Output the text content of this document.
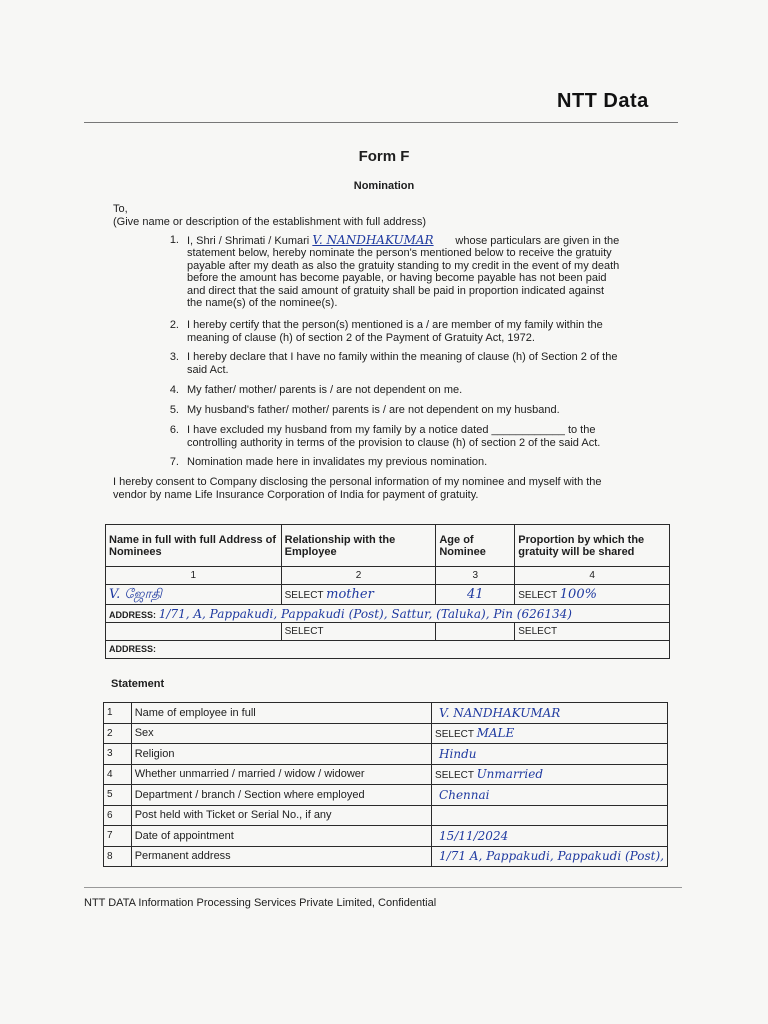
NTT Data
Form F
Nomination
To,
(Give name or description of the establishment with full address)
1. I, Shri / Shrimati / Kumari V. NANDHAKUMAR whose particulars are given in the
statement below, hereby nominate the person's mentioned below to receive the gratuity
payable after my death as also the gratuity standing to my credit in the event of my death
before the amount has become payable, or having become payable has not been paid
and direct that the said amount of gratuity shall be paid in proportion indicated against
the name(s) of the nominee(s).
2. I hereby certify that the person(s) mentioned is a / are member of my family within the
meaning of clause (h) of section 2 of the Payment of Gratuity Act, 1972.
3. I hereby declare that I have no family within the meaning of clause (h) of Section 2 of the
said Act.
4. My father/ mother/ parents is / are not dependent on me.
5. My husband's father/ mother/ parents is / are not dependent on my husband.
6. I have excluded my husband from my family by a notice dated ____________ to the
controlling authority in terms of the provision to clause (h) of section 2 of the said Act.
7. Nomination made here in invalidates my previous nomination.
I hereby consent to Company disclosing the personal information of my nominee and myself with the
vendor by name Life Insurance Corporation of India for payment of gratuity.
Name in full with full Address of Nominees	Relationship with the Employee	Age of Nominee	Proportion by which the gratuity will be shared
1	2	3	4
V. ஜோதி	SELECT mother	41	SELECT 100%
ADDRESS: 1/71, A, Pappakudi, Pappakudi (Post), Sattur, (Taluka), Pin (626134)			
	SELECT		SELECT
ADDRESS:			
Statement
1	Name of employee in full	V. NANDHAKUMAR
2	Sex	SELECT MALE
3	Religion	Hindu
4	Whether unmarried / married / widow / widower	SELECT Unmarried
5	Department / branch / Section where employed	Chennai
6	Post held with Ticket or Serial No., if any	
7	Date of appointment	15/11/2024
8	Permanent address	1/71 A, Pappakudi, Pappakudi (Post),
NTT DATA Information Processing Services Private Limited, Confidential
